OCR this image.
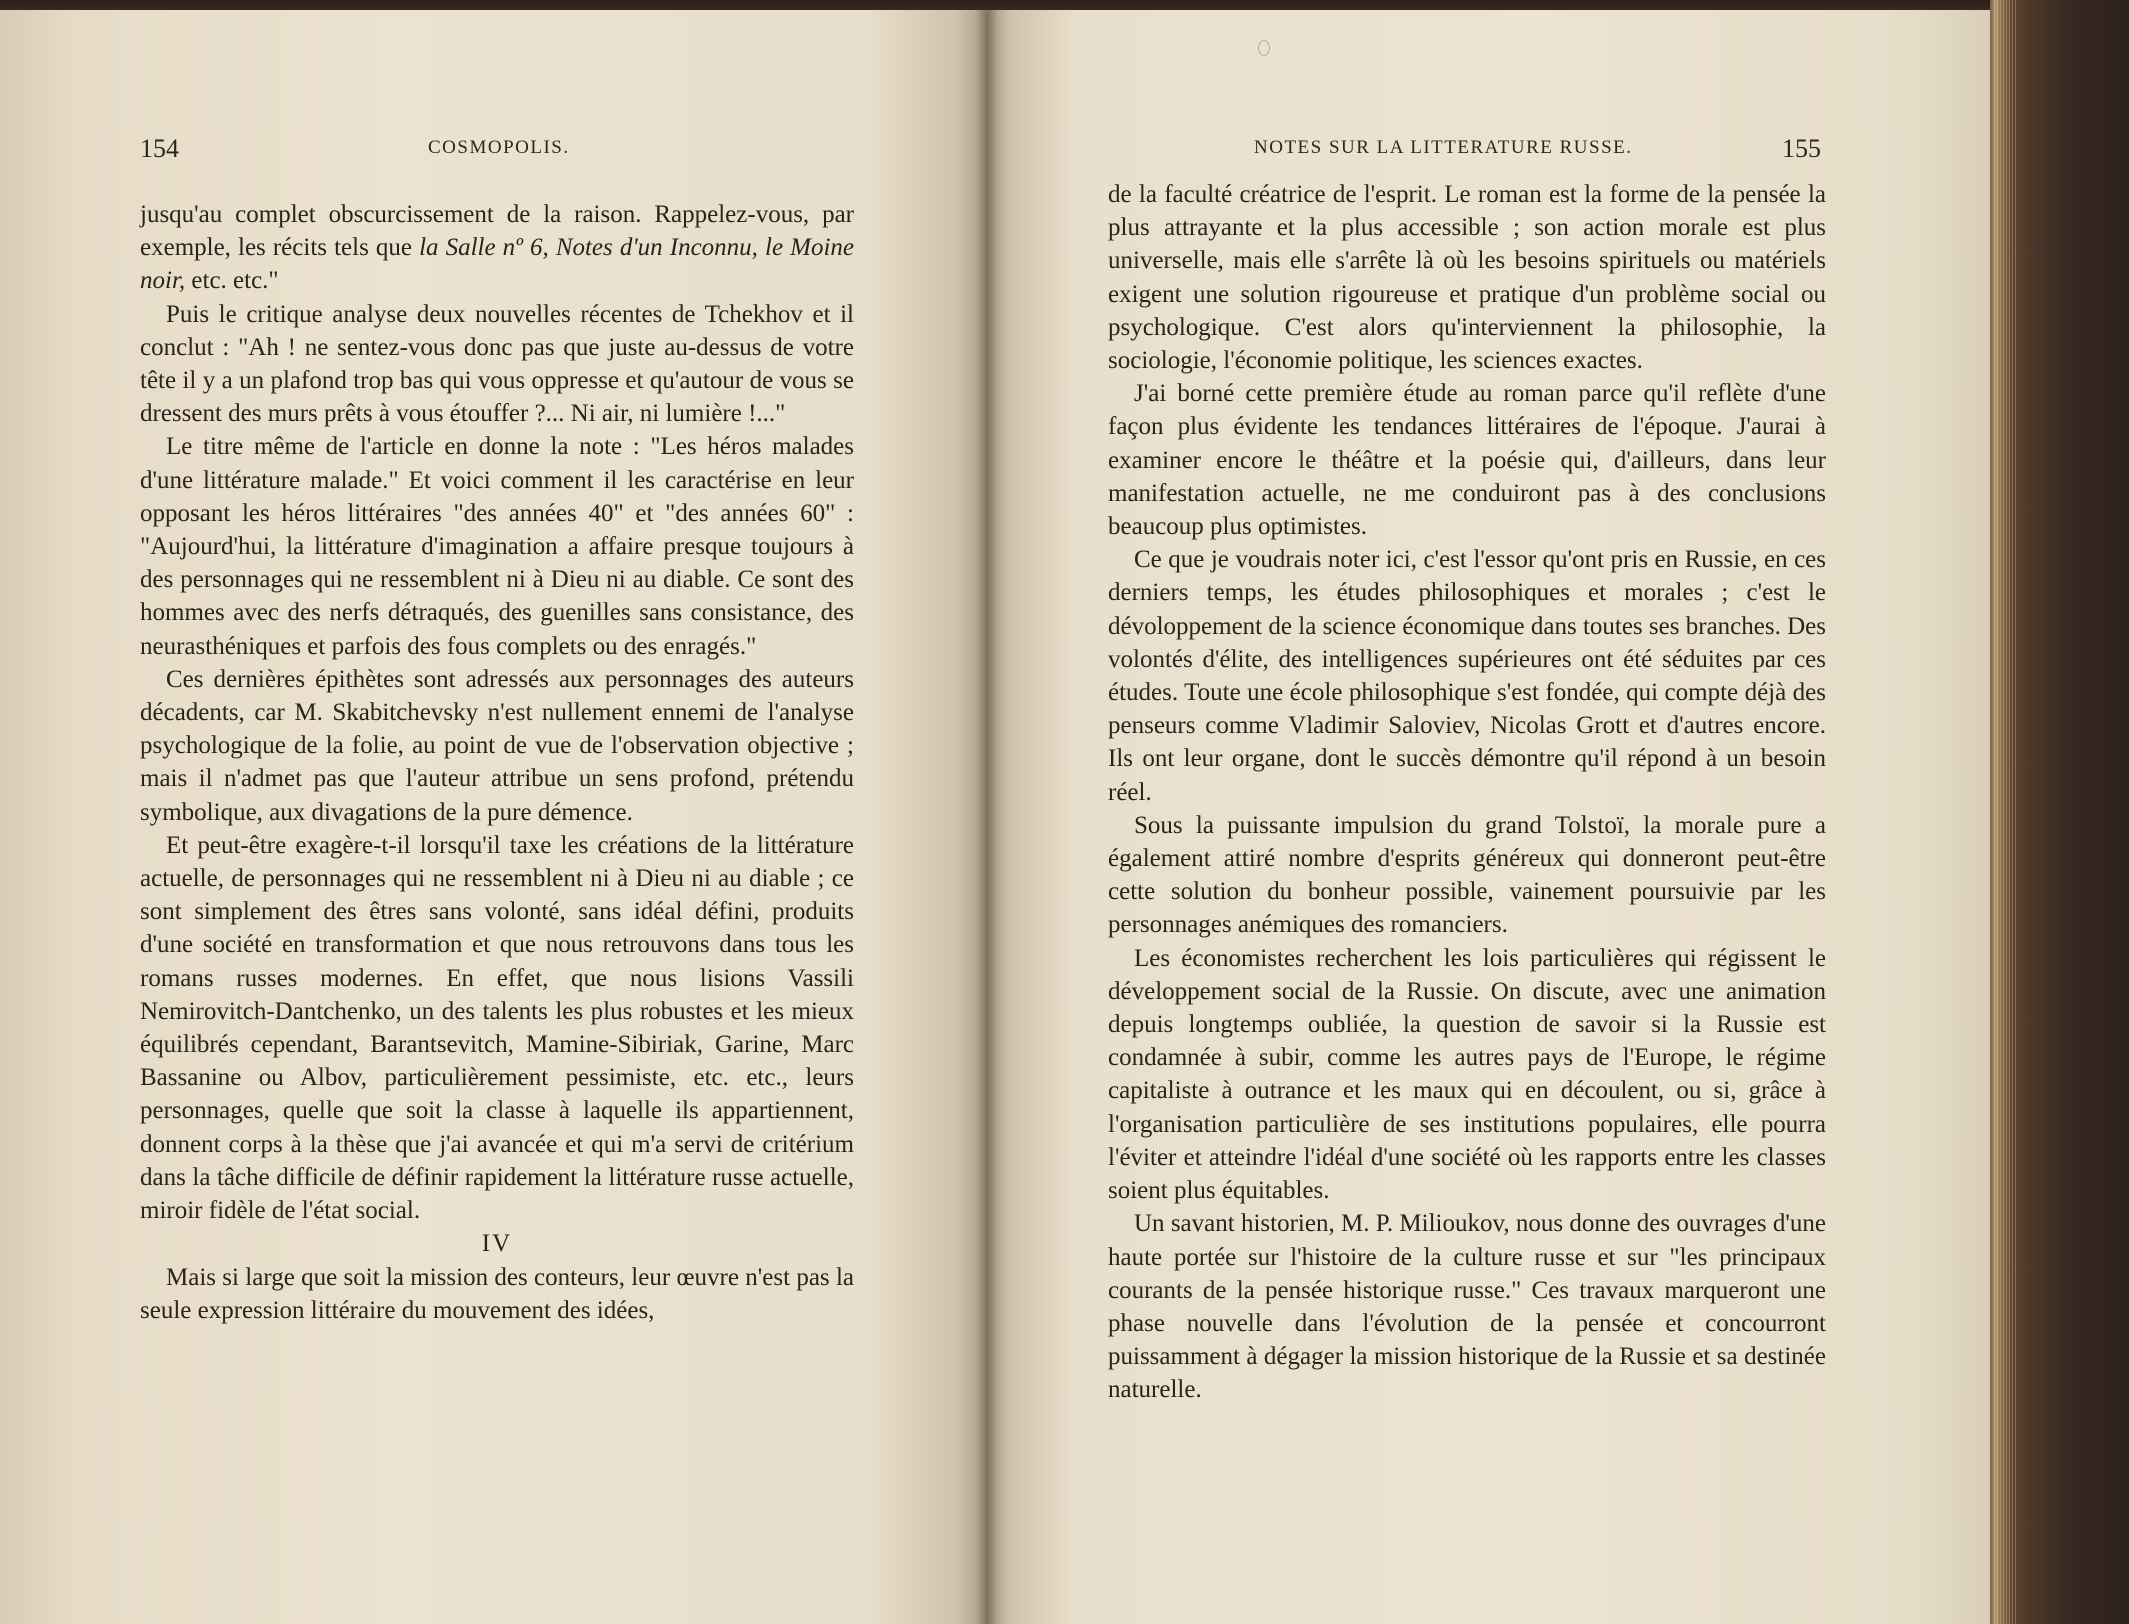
154	COSMOPOLIS.

jusqu'au complet obscurcissement de la raison. Rappelez-vous, par exemple, les récits tels que la Salle nº 6, Notes d'un Inconnu, le Moine noir, etc. etc."

Puis le critique analyse deux nouvelles récentes de Tchekhov et il conclut : "Ah ! ne sentez-vous donc pas que juste au-dessus de votre tête il y a un plafond trop bas qui vous oppresse et qu'autour de vous se dressent des murs prêts à vous étouffer ?... Ni air, ni lumière !..."

Le titre même de l'article en donne la note : "Les héros malades d'une littérature malade." Et voici comment il les caractérise en leur opposant les héros littéraires "des années 40" et "des années 60" : "Aujourd'hui, la littérature d'imagination a affaire presque toujours à des personnages qui ne ressemblent ni à Dieu ni au diable. Ce sont des hommes avec des nerfs détraqués, des guenilles sans consistance, des neurasthéniques et parfois des fous complets ou des enragés."

Ces dernières épithètes sont adressés aux personnages des auteurs décadents, car M. Skabitchevsky n'est nullement ennemi de l'analyse psychologique de la folie, au point de vue de l'observation objective ; mais il n'admet pas que l'auteur attribue un sens profond, prétendu symbolique, aux divagations de la pure démence.

Et peut-être exagère-t-il lorsqu'il taxe les créations de la littérature actuelle, de personnages qui ne ressemblent ni à Dieu ni au diable ; ce sont simplement des êtres sans volonté, sans idéal défini, produits d'une société en transformation et que nous retrouvons dans tous les romans russes modernes. En effet, que nous lisions Vassili Nemirovitch-Dantchenko, un des talents les plus robustes et les mieux équilibrés cependant, Barantsevitch, Mamine-Sibiriak, Garine, Marc Bassanine ou Albov, particulièrement pessimiste, etc. etc., leurs personnages, quelle que soit la classe à laquelle ils appartiennent, donnent corps à la thèse que j'ai avancée et qui m'a servi de critérium dans la tâche difficile de définir rapidement la littérature russe actuelle, miroir fidèle de l'état social.

IV

Mais si large que soit la mission des conteurs, leur œuvre n'est pas la seule expression littéraire du mouvement des idées,

NOTES SUR LA LITTERATURE RUSSE.	155

de la faculté créatrice de l'esprit. Le roman est la forme de la pensée la plus attrayante et la plus accessible ; son action morale est plus universelle, mais elle s'arrête là où les besoins spirituels ou matériels exigent une solution rigoureuse et pratique d'un problème social ou psychologique. C'est alors qu'interviennent la philosophie, la sociologie, l'économie politique, les sciences exactes.

J'ai borné cette première étude au roman parce qu'il reflète d'une façon plus évidente les tendances littéraires de l'époque. J'aurai à examiner encore le théâtre et la poésie qui, d'ailleurs, dans leur manifestation actuelle, ne me conduiront pas à des conclusions beaucoup plus optimistes.

Ce que je voudrais noter ici, c'est l'essor qu'ont pris en Russie, en ces derniers temps, les études philosophiques et morales ; c'est le dévoloppement de la science économique dans toutes ses branches. Des volontés d'élite, des intelligences supérieures ont été séduites par ces études. Toute une école philosophique s'est fondée, qui compte déjà des penseurs comme Vladimir Saloviev, Nicolas Grott et d'autres encore. Ils ont leur organe, dont le succès démontre qu'il répond à un besoin réel.

Sous la puissante impulsion du grand Tolstoï, la morale pure a également attiré nombre d'esprits généreux qui donneront peut-être cette solution du bonheur possible, vainement poursuivie par les personnages anémiques des romanciers.

Les économistes recherchent les lois particulières qui régissent le développement social de la Russie. On discute, avec une animation depuis longtemps oubliée, la question de savoir si la Russie est condamnée à subir, comme les autres pays de l'Europe, le régime capitaliste à outrance et les maux qui en découlent, ou si, grâce à l'organisation particulière de ses institutions populaires, elle pourra l'éviter et atteindre l'idéal d'une société où les rapports entre les classes soient plus équitables.

Un savant historien, M. P. Milioukov, nous donne des ouvrages d'une haute portée sur l'histoire de la culture russe et sur "les principaux courants de la pensée historique russe." Ces travaux marqueront une phase nouvelle dans l'évolution de la pensée et concourront puissamment à dégager la mission historique de la Russie et sa destinée naturelle.
